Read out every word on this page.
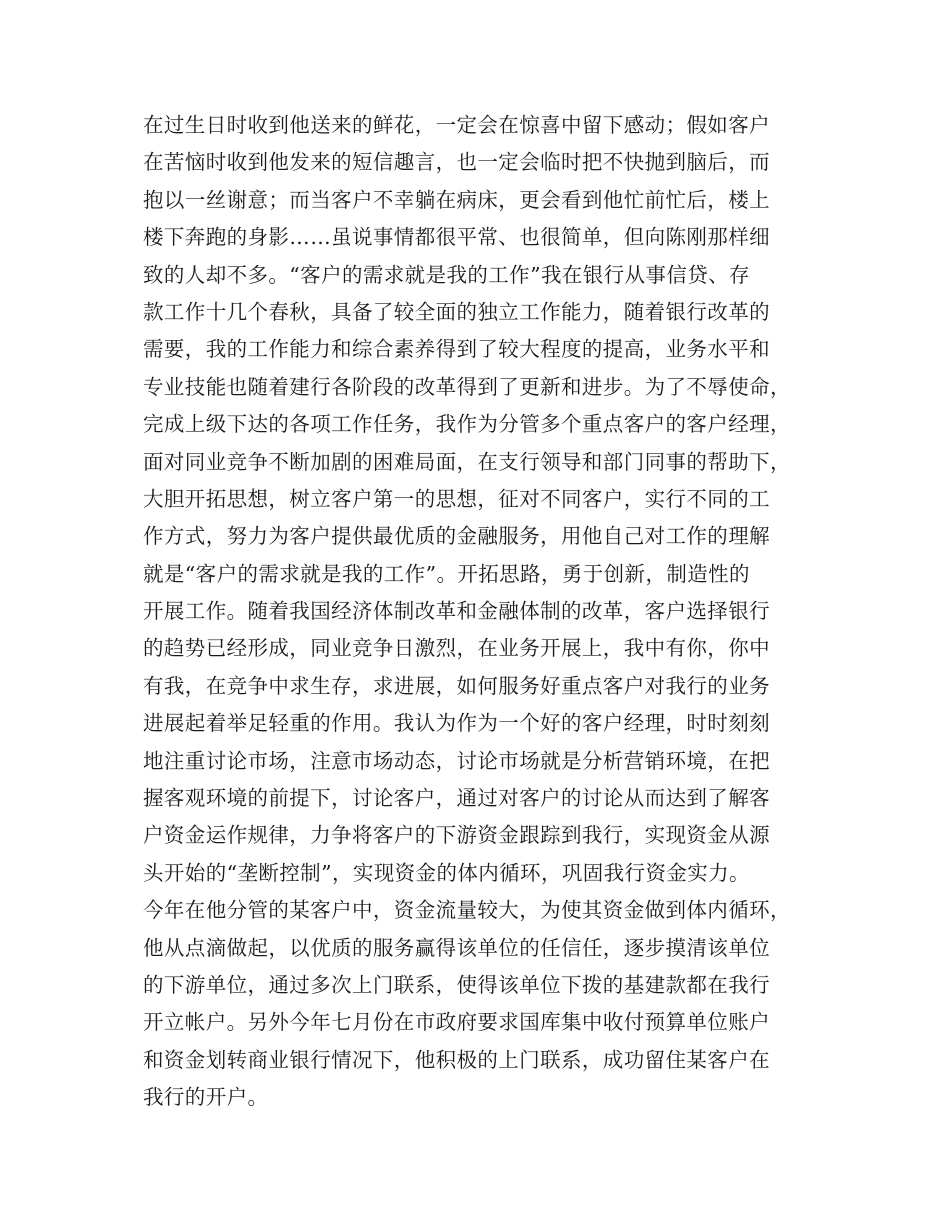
在过生日时收到他送来的鲜花，一定会在惊喜中留下感动；假如客户
在苦恼时收到他发来的短信趣言，也一定会临时把不快抛到脑后，而
抱以一丝谢意；而当客户不幸躺在病床，更会看到他忙前忙后，楼上
楼下奔跑的身影……虽说事情都很平常、也很简单，但向陈刚那样细
致的人却不多。“客户的需求就是我的工作”我在银行从事信贷、存
款工作十几个春秋，具备了较全面的独立工作能力，随着银行改革的
需要，我的工作能力和综合素养得到了较大程度的提高，业务水平和
专业技能也随着建行各阶段的改革得到了更新和进步。为了不辱使命，
完成上级下达的各项工作任务，我作为分管多个重点客户的客户经理，
面对同业竞争不断加剧的困难局面，在支行领导和部门同事的帮助下，
大胆开拓思想，树立客户第一的思想，征对不同客户，实行不同的工
作方式，努力为客户提供最优质的金融服务，用他自己对工作的理解
就是“客户的需求就是我的工作”。开拓思路，勇于创新，制造性的
开展工作。随着我国经济体制改革和金融体制的改革，客户选择银行
的趋势已经形成，同业竞争日激烈，在业务开展上，我中有你，你中
有我，在竞争中求生存，求进展，如何服务好重点客户对我行的业务
进展起着举足轻重的作用。我认为作为一个好的客户经理，时时刻刻
地注重讨论市场，注意市场动态，讨论市场就是分析营销环境，在把
握客观环境的前提下，讨论客户，通过对客户的讨论从而达到了解客
户资金运作规律，力争将客户的下游资金跟踪到我行，实现资金从源
头开始的“垄断控制”，实现资金的体内循环，巩固我行资金实力。
今年在他分管的某客户中，资金流量较大，为使其资金做到体内循环，
他从点滴做起，以优质的服务赢得该单位的任信任，逐步摸清该单位
的下游单位，通过多次上门联系，使得该单位下拨的基建款都在我行
开立帐户。另外今年七月份在市政府要求国库集中收付预算单位账户
和资金划转商业银行情况下，他积极的上门联系，成功留住某客户在
我行的开户。
